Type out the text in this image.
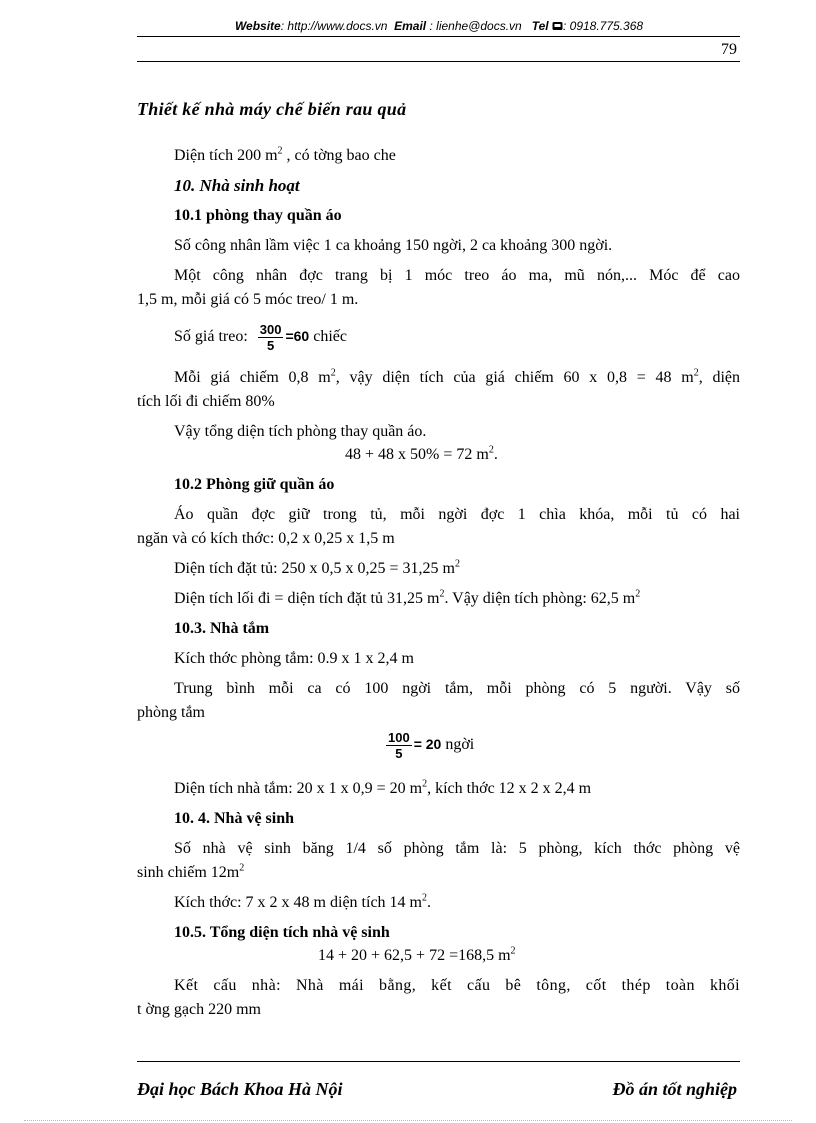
Website: http://www.docs.vn Email : lienhe@docs.vn Tel : 0918.775.368
79
Thiết kế nhà máy chế biến rau quả
Diện tích 200 $m^2$ , có tờng bao che
10. Nhà sinh hoạt
10.1 phòng thay quần áo
Số công nhân lầm việc 1 ca khoảng 150 ngời, 2 ca khoảng 300 ngời.
Một công nhân đợc trang bị 1 móc treo áo ma, mũ nón,... Móc để cao
1,5 m, mỗi giá có 5 móc treo/ 1 m.
Số giá treo: $\frac{300}{5} =60$ chiếc
Mỗi giá chiếm 0,8 $m^2$, vậy diện tích của giá chiếm 60 x 0,8 = 48 $m^2$, diện
tích lối đi chiếm 80%
Vậy tổng diện tích phòng thay quần áo.
48 + 48 x 50% = 72 $m^2$.
10.2 Phòng giữ quần áo
Áo quần đợc giữ trong tủ, mỗi ngời đợc 1 chìa khóa, mỗi tủ có hai
ngăn và có kích thớc: 0,2 x 0,25 x 1,5 m
Diện tích đặt tủ: 250 x 0,5 x 0,25 = 31,25 $m^2$
Diện tích lối đi = diện tích đặt tủ 31,25 $m^2$. Vậy diện tích phòng: 62,5 $m^2$
10.3. Nhà tắm
Kích thớc phòng tắm: 0.9 x 1 x 2,4 m
Trung bình mỗi ca có 100 ngời tắm, mỗi phòng có 5 người. Vậy số
phòng tắm
$\frac{100}{5} = 20$ ngời
Diện tích nhà tắm: 20 x 1 x 0,9 = 20 $m^2$, kích thớc 12 x 2 x 2,4 m
10. 4. Nhà vệ sinh
Số nhà vệ sinh băng 1/4 số phòng tắm là: 5 phòng, kích thớc phòng vệ
sinh chiếm $12m^2$
Kích thớc: 7 x 2 x 48 m diện tích 14 $m^2$.
10.5. Tổng diện tích nhà vệ sinh
14 + 20 + 62,5 + 72 =168,5 $m^2$
Kết cấu nhà: Nhà mái bằng, kết cấu bê tông, cốt thép toàn khối
t ờng gạch 220 mm
Đại học Bách Khoa Hà Nội	Đồ án tốt nghiệp
